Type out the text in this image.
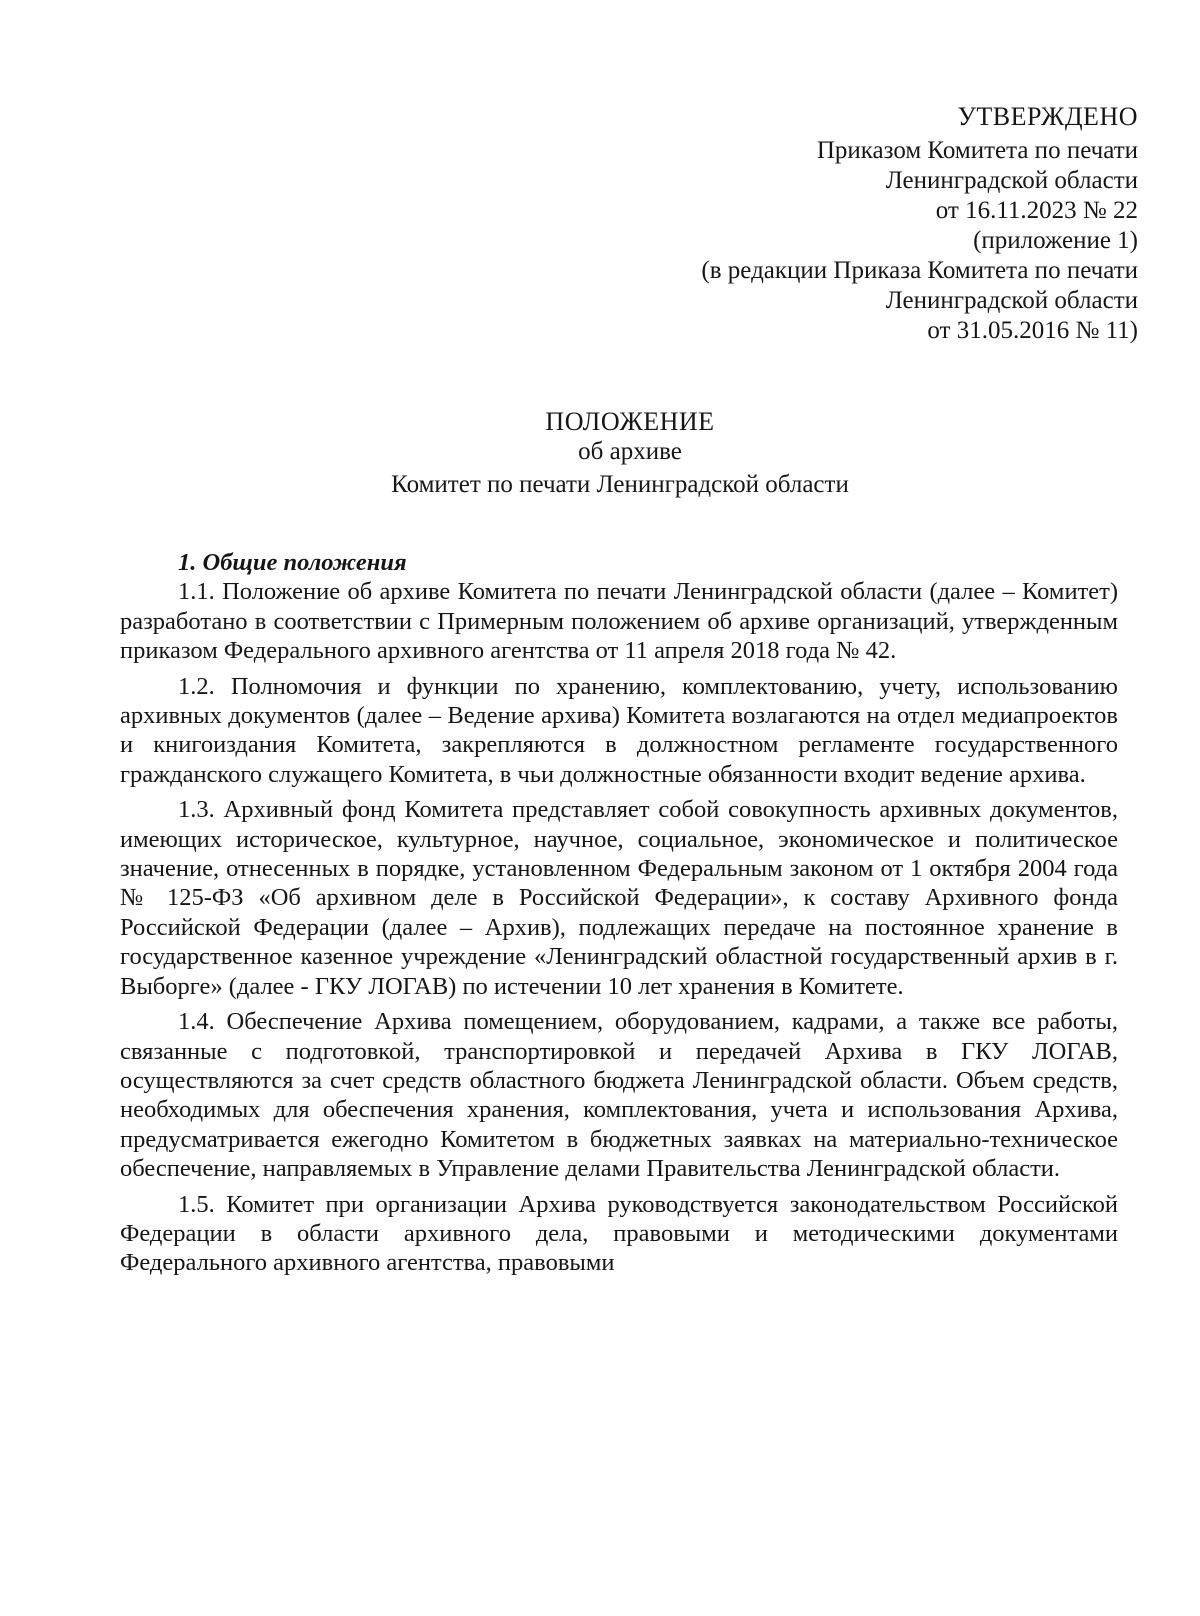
УТВЕРЖДЕНО
Приказом Комитета по печати
Ленинградской области
от 16.11.2023 № 22
(приложение 1)
(в редакции Приказа Комитета по печати
Ленинградской области
от 31.05.2016 № 11)
ПОЛОЖЕНИЕ
об архиве
Комитет по печати Ленинградской области

1. Общие положения

1.1. Положение об архиве Комитета по печати Ленинградской области (далее – Комитет) разработано в соответствии с Примерным положением об архиве организаций, утвержденным приказом Федерального архивного агентства от 11 апреля 2018 года № 42.

1.2. Полномочия и функции по хранению, комплектованию, учету, использованию архивных документов (далее – Ведение архива) Комитета возлагаются на отдел медиапроектов и книгоиздания Комитета, закрепляются в должностном регламенте государственного гражданского служащего Комитета, в чьи должностные обязанности входит ведение архива.

1.3. Архивный фонд Комитета представляет собой совокупность архивных документов, имеющих историческое, культурное, научное, социальное, экономическое и политическое значение, отнесенных в порядке, установленном Федеральным законом от 1 октября 2004 года № 125-ФЗ «Об архивном деле в Российской Федерации», к составу Архивного фонда Российской Федерации (далее – Архив), подлежащих передаче на постоянное хранение в государственное казенное учреждение «Ленинградский областной государственный архив в г. Выборге» (далее - ГКУ ЛОГАВ) по истечении 10 лет хранения в Комитете.

1.4. Обеспечение Архива помещением, оборудованием, кадрами, а также все работы, связанные с подготовкой, транспортировкой и передачей Архива в ГКУ ЛОГАВ, осуществляются за счет средств областного бюджета Ленинградской области. Объем средств, необходимых для обеспечения хранения, комплектования, учета и использования Архива, предусматривается ежегодно Комитетом в бюджетных заявках на материально-техническое обеспечение, направляемых в Управление делами Правительства Ленинградской области.

1.5. Комитет при организации Архива руководствуется законодательством Российской Федерации в области архивного дела, правовыми и методическими документами Федерального архивного агентства, правовыми
